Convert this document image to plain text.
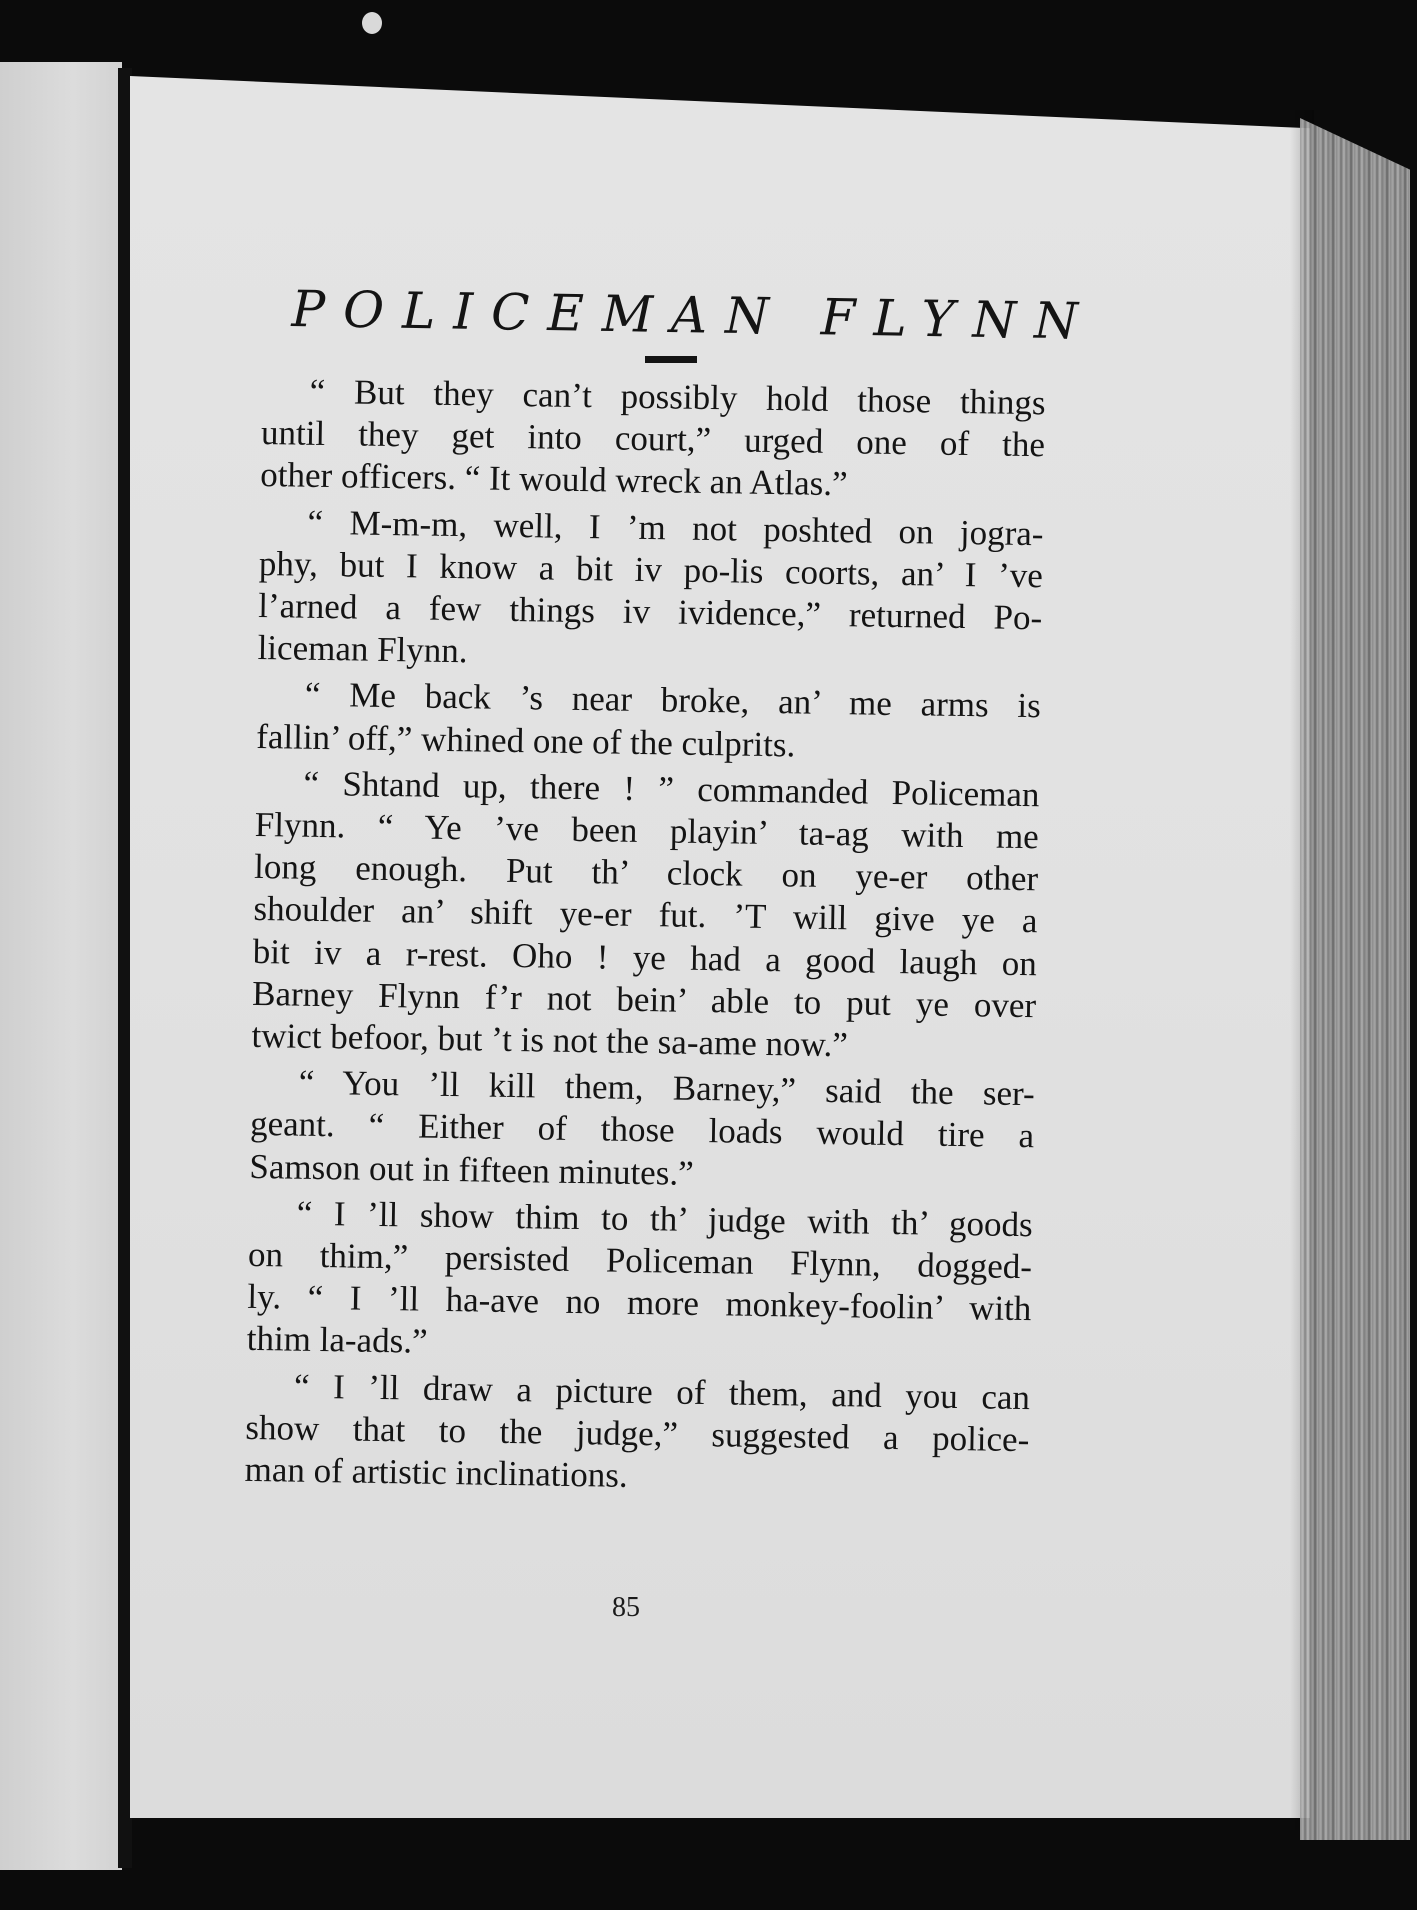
POLICEMAN FLYNN
“ But they can’t possibly hold those things
until they get into court,” urged one of the
other officers. “ It would wreck an Atlas.”
“ M-m-m, well, I ’m not poshted on jogra-
phy, but I know a bit iv po-lis coorts, an’ I ’ve
l’arned a few things iv ividence,” returned Po-
liceman Flynn.
“ Me back ’s near broke, an’ me arms is
fallin’ off,” whined one of the culprits.
“ Shtand up, there ! ” commanded Policeman
Flynn. “ Ye ’ve been playin’ ta-ag with me
long enough. Put th’ clock on ye-er other
shoulder an’ shift ye-er fut. ’T will give ye a
bit iv a r-rest. Oho ! ye had a good laugh on
Barney Flynn f’r not bein’ able to put ye over
twict befoor, but ’t is not the sa-ame now.”
“ You ’ll kill them, Barney,” said the ser-
geant. “ Either of those loads would tire a
Samson out in fifteen minutes.”
“ I ’ll show thim to th’ judge with th’ goods
on thim,” persisted Policeman Flynn, dogged-
ly. “ I ’ll ha-ave no more monkey-foolin’ with
thim la-ads.”
“ I ’ll draw a picture of them, and you can
show that to the judge,” suggested a police-
man of artistic inclinations.
85
